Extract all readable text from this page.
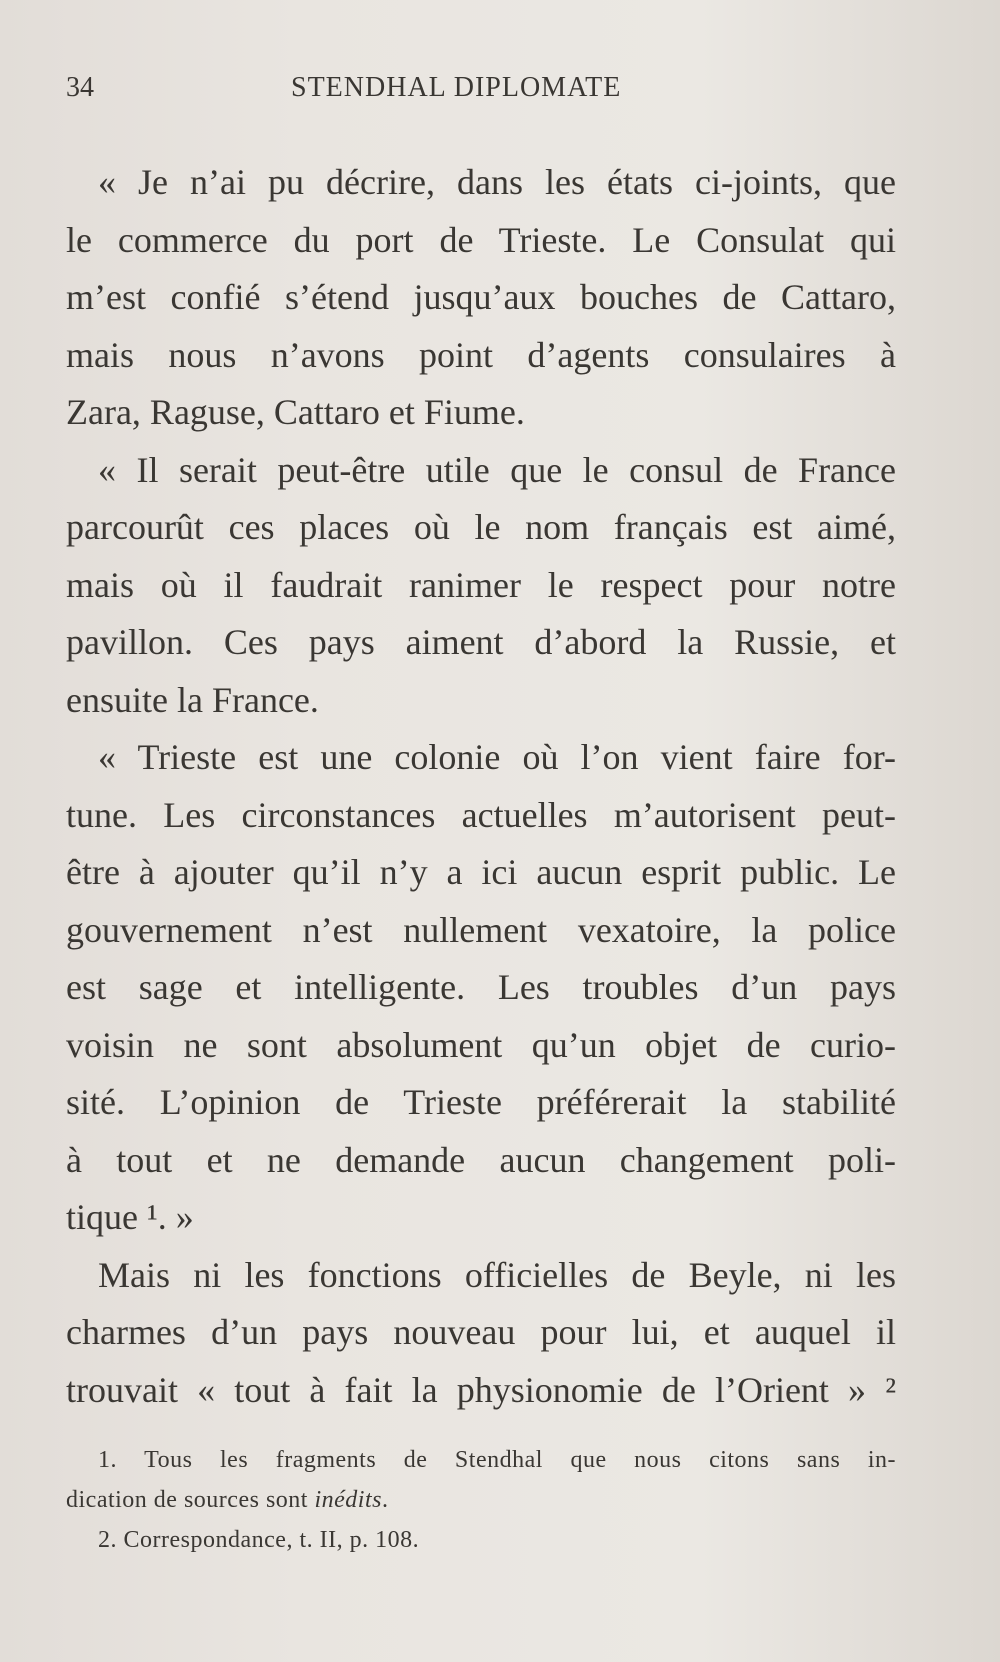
34	STENDHAL DIPLOMATE
« Je n’ai pu décrire, dans les états ci-joints, que
le commerce du port de Trieste. Le Consulat qui
m’est confié s’étend jusqu’aux bouches de Cattaro,
mais nous n’avons point d’agents consulaires à
Zara, Raguse, Cattaro et Fiume.
« Il serait peut-être utile que le consul de France
parcourût ces places où le nom français est aimé,
mais où il faudrait ranimer le respect pour notre
pavillon. Ces pays aiment d’abord la Russie, et
ensuite la France.
« Trieste est une colonie où l’on vient faire for-
tune. Les circonstances actuelles m’autorisent peut-
être à ajouter qu’il n’y a ici aucun esprit public. Le
gouvernement n’est nullement vexatoire, la police
est sage et intelligente. Les troubles d’un pays
voisin ne sont absolument qu’un objet de curio-
sité. L’opinion de Trieste préférerait la stabilité
à tout et ne demande aucun changement poli-
tique ¹. »
Mais ni les fonctions officielles de Beyle, ni les
charmes d’un pays nouveau pour lui, et auquel il
trouvait « tout à fait la physionomie de l’Orient » ²
1. Tous les fragments de Stendhal que nous citons sans in-
dication de sources sont inédits.
2. Correspondance, t. II, p. 108.
